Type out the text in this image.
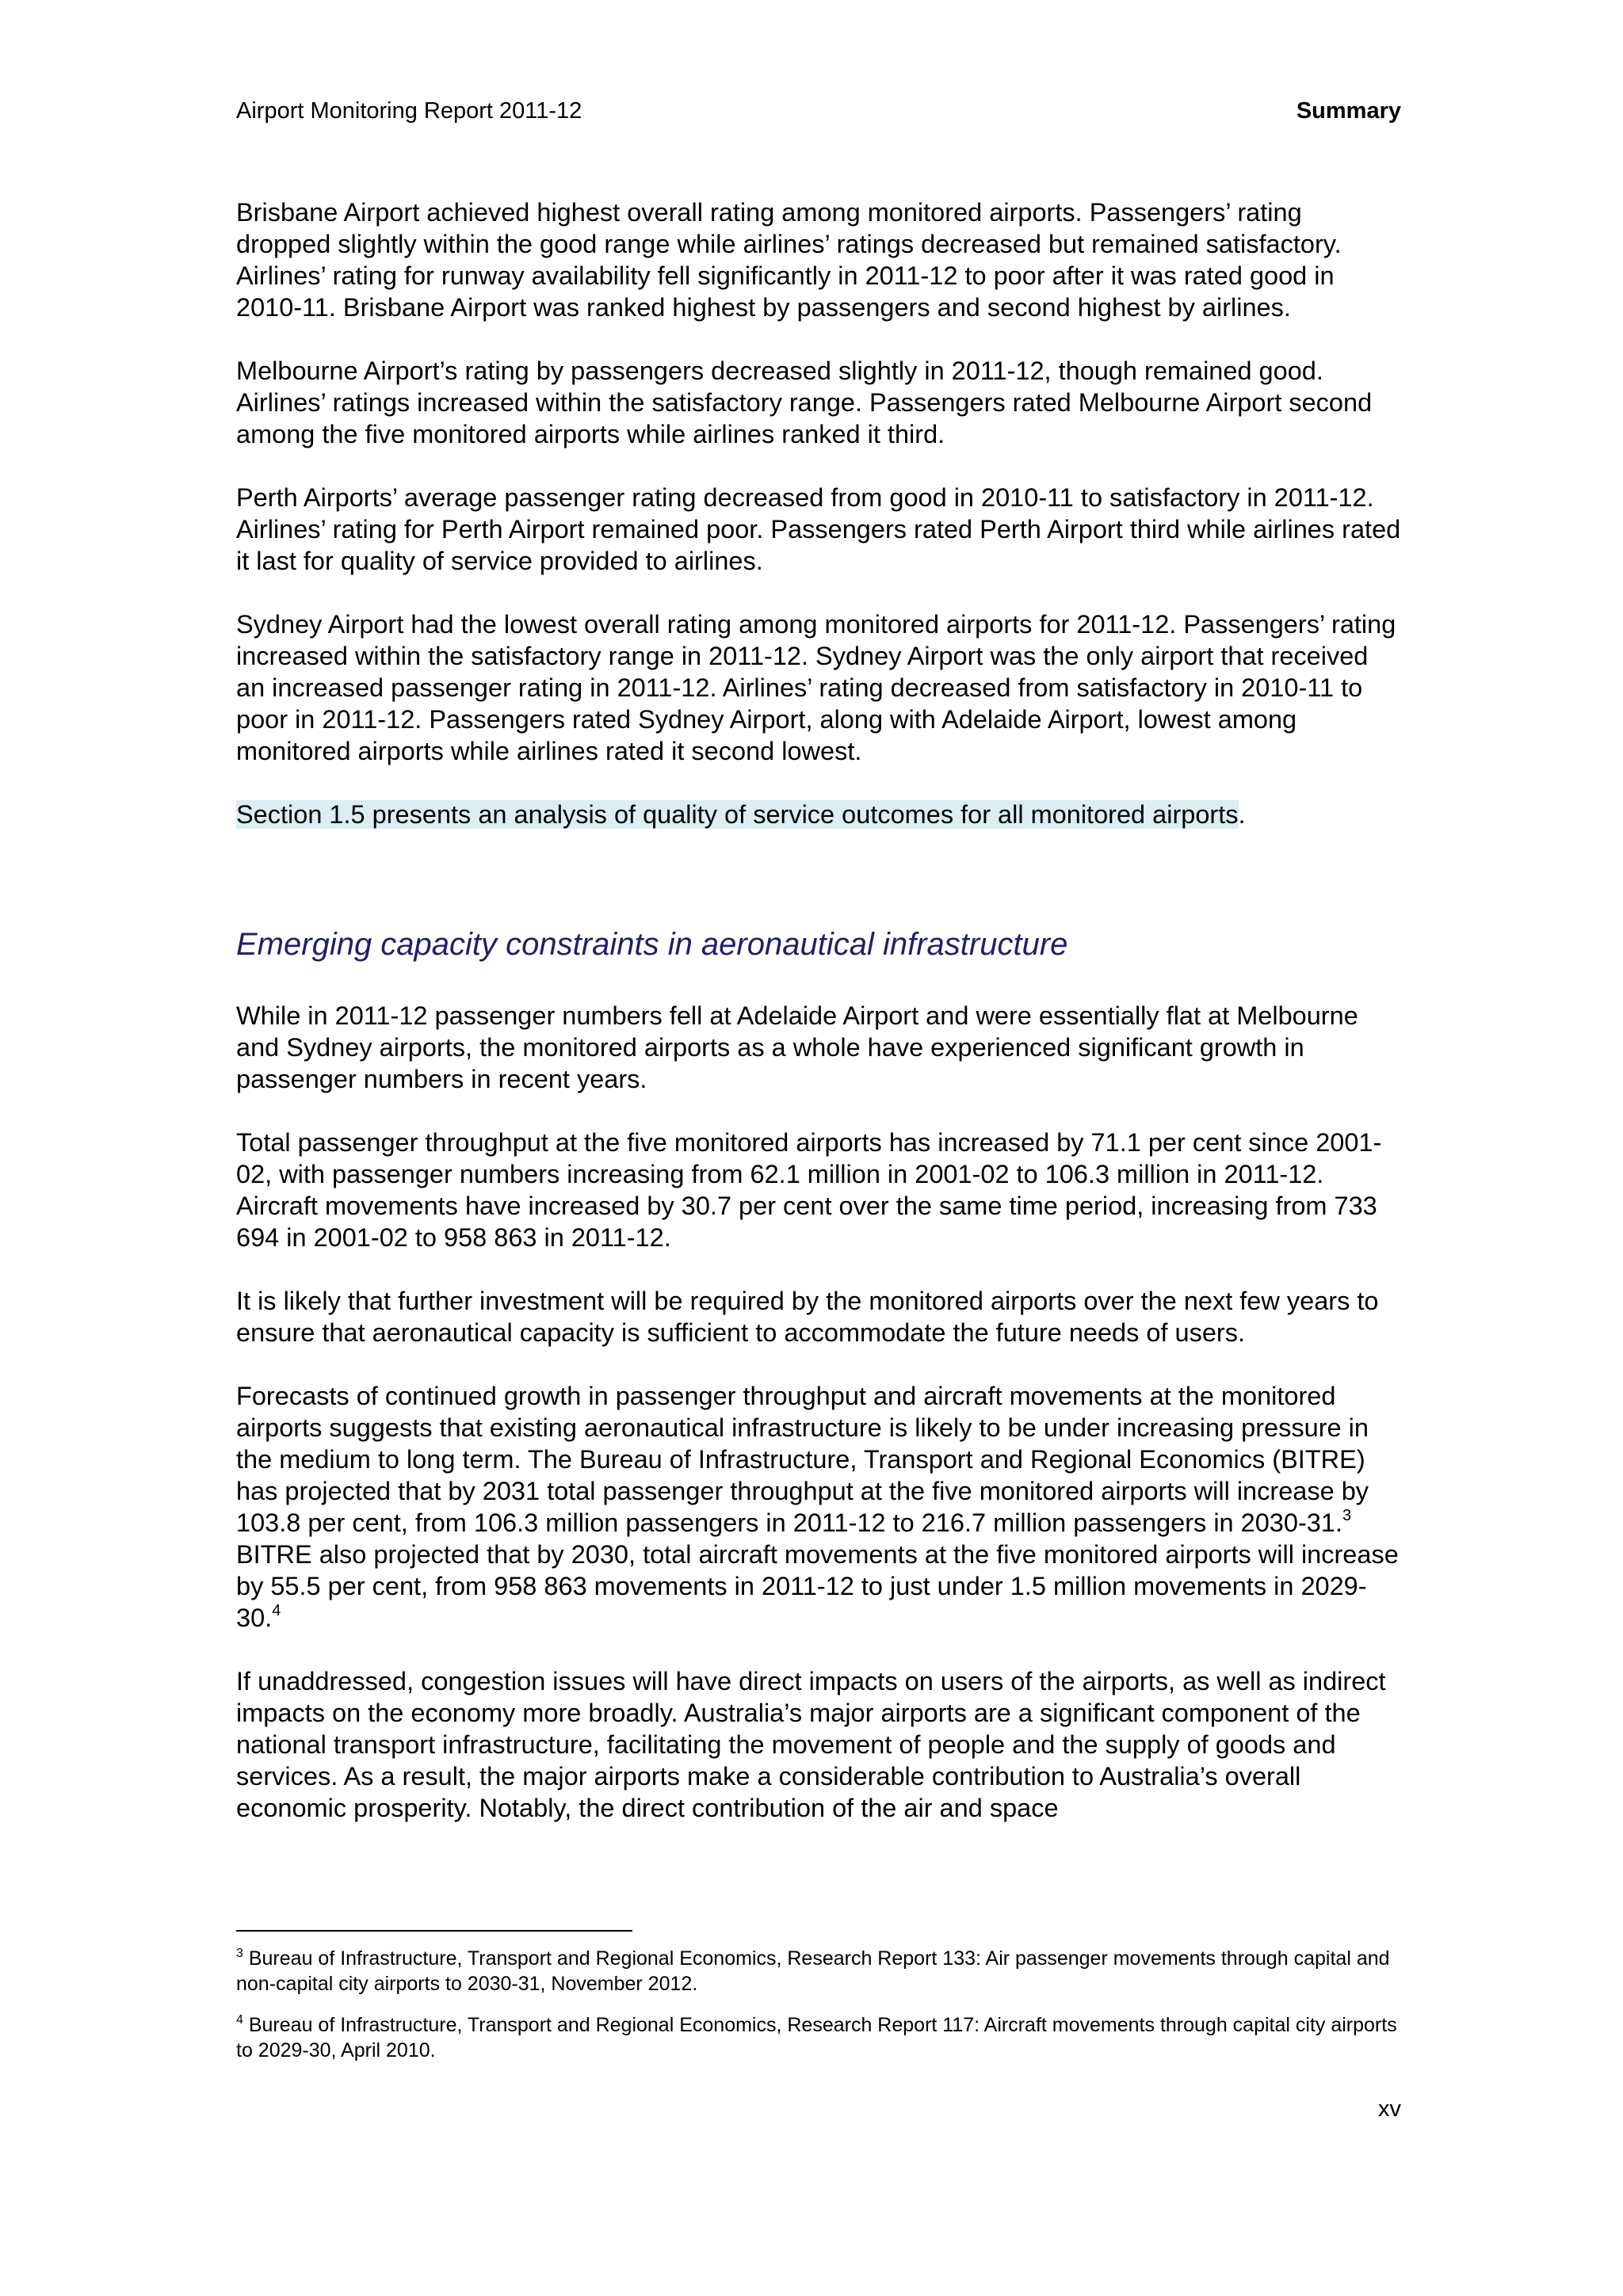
Airport Monitoring Report 2011-12	Summary

Brisbane Airport achieved highest overall rating among monitored airports. Passengers’ rating dropped slightly within the good range while airlines’ ratings decreased but remained satisfactory. Airlines’ rating for runway availability fell significantly in 2011-12 to poor after it was rated good in 2010-11. Brisbane Airport was ranked highest by passengers and second highest by airlines.

Melbourne Airport’s rating by passengers decreased slightly in 2011-12, though remained good. Airlines’ ratings increased within the satisfactory range. Passengers rated Melbourne Airport second among the five monitored airports while airlines ranked it third.

Perth Airports’ average passenger rating decreased from good in 2010-11 to satisfactory in 2011-12. Airlines’ rating for Perth Airport remained poor. Passengers rated Perth Airport third while airlines rated it last for quality of service provided to airlines.

Sydney Airport had the lowest overall rating among monitored airports for 2011-12. Passengers’ rating increased within the satisfactory range in 2011-12. Sydney Airport was the only airport that received an increased passenger rating in 2011-12. Airlines’ rating decreased from satisfactory in 2010-11 to poor in 2011-12. Passengers rated Sydney Airport, along with Adelaide Airport, lowest among monitored airports while airlines rated it second lowest.

Section 1.5 presents an analysis of quality of service outcomes for all monitored airports.

Emerging capacity constraints in aeronautical infrastructure

While in 2011-12 passenger numbers fell at Adelaide Airport and were essentially flat at Melbourne and Sydney airports, the monitored airports as a whole have experienced significant growth in passenger numbers in recent years.

Total passenger throughput at the five monitored airports has increased by 71.1 per cent since 2001-02, with passenger numbers increasing from 62.1 million in 2001-02 to 106.3 million in 2011-12. Aircraft movements have increased by 30.7 per cent over the same time period, increasing from 733 694 in 2001-02 to 958 863 in 2011-12.

It is likely that further investment will be required by the monitored airports over the next few years to ensure that aeronautical capacity is sufficient to accommodate the future needs of users.

Forecasts of continued growth in passenger throughput and aircraft movements at the monitored airports suggests that existing aeronautical infrastructure is likely to be under increasing pressure in the medium to long term. The Bureau of Infrastructure, Transport and Regional Economics (BITRE) has projected that by 2031 total passenger throughput at the five monitored airports will increase by 103.8 per cent, from 106.3 million passengers in 2011-12 to 216.7 million passengers in 2030-31.$^3$ BITRE also projected that by 2030, total aircraft movements at the five monitored airports will increase by 55.5 per cent, from 958 863 movements in 2011-12 to just under 1.5 million movements in 2029-30.$^4$

If unaddressed, congestion issues will have direct impacts on users of the airports, as well as indirect impacts on the economy more broadly. Australia’s major airports are a significant component of the national transport infrastructure, facilitating the movement of people and the supply of goods and services. As a result, the major airports make a considerable contribution to Australia’s overall economic prosperity. Notably, the direct contribution of the air and space

$^3$ Bureau of Infrastructure, Transport and Regional Economics, Research Report 133: Air passenger movements through capital and non-capital city airports to 2030-31, November 2012.

$^4$ Bureau of Infrastructure, Transport and Regional Economics, Research Report 117: Aircraft movements through capital city airports to 2029-30, April 2010.

xv
